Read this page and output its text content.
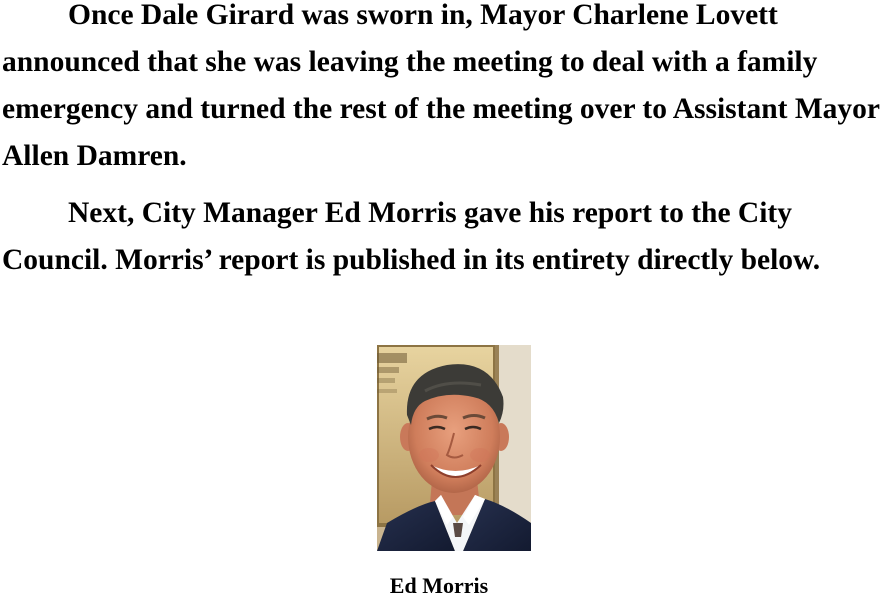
Once Dale Girard was sworn in, Mayor Charlene Lovett announced that she was leaving the meeting to deal with a family emergency and turned the rest of the meeting over to Assistant Mayor Allen Damren.

Next, City Manager Ed Morris gave his report to the City Council. Morris’ report is published in its entirety directly below.

Ed Morris
